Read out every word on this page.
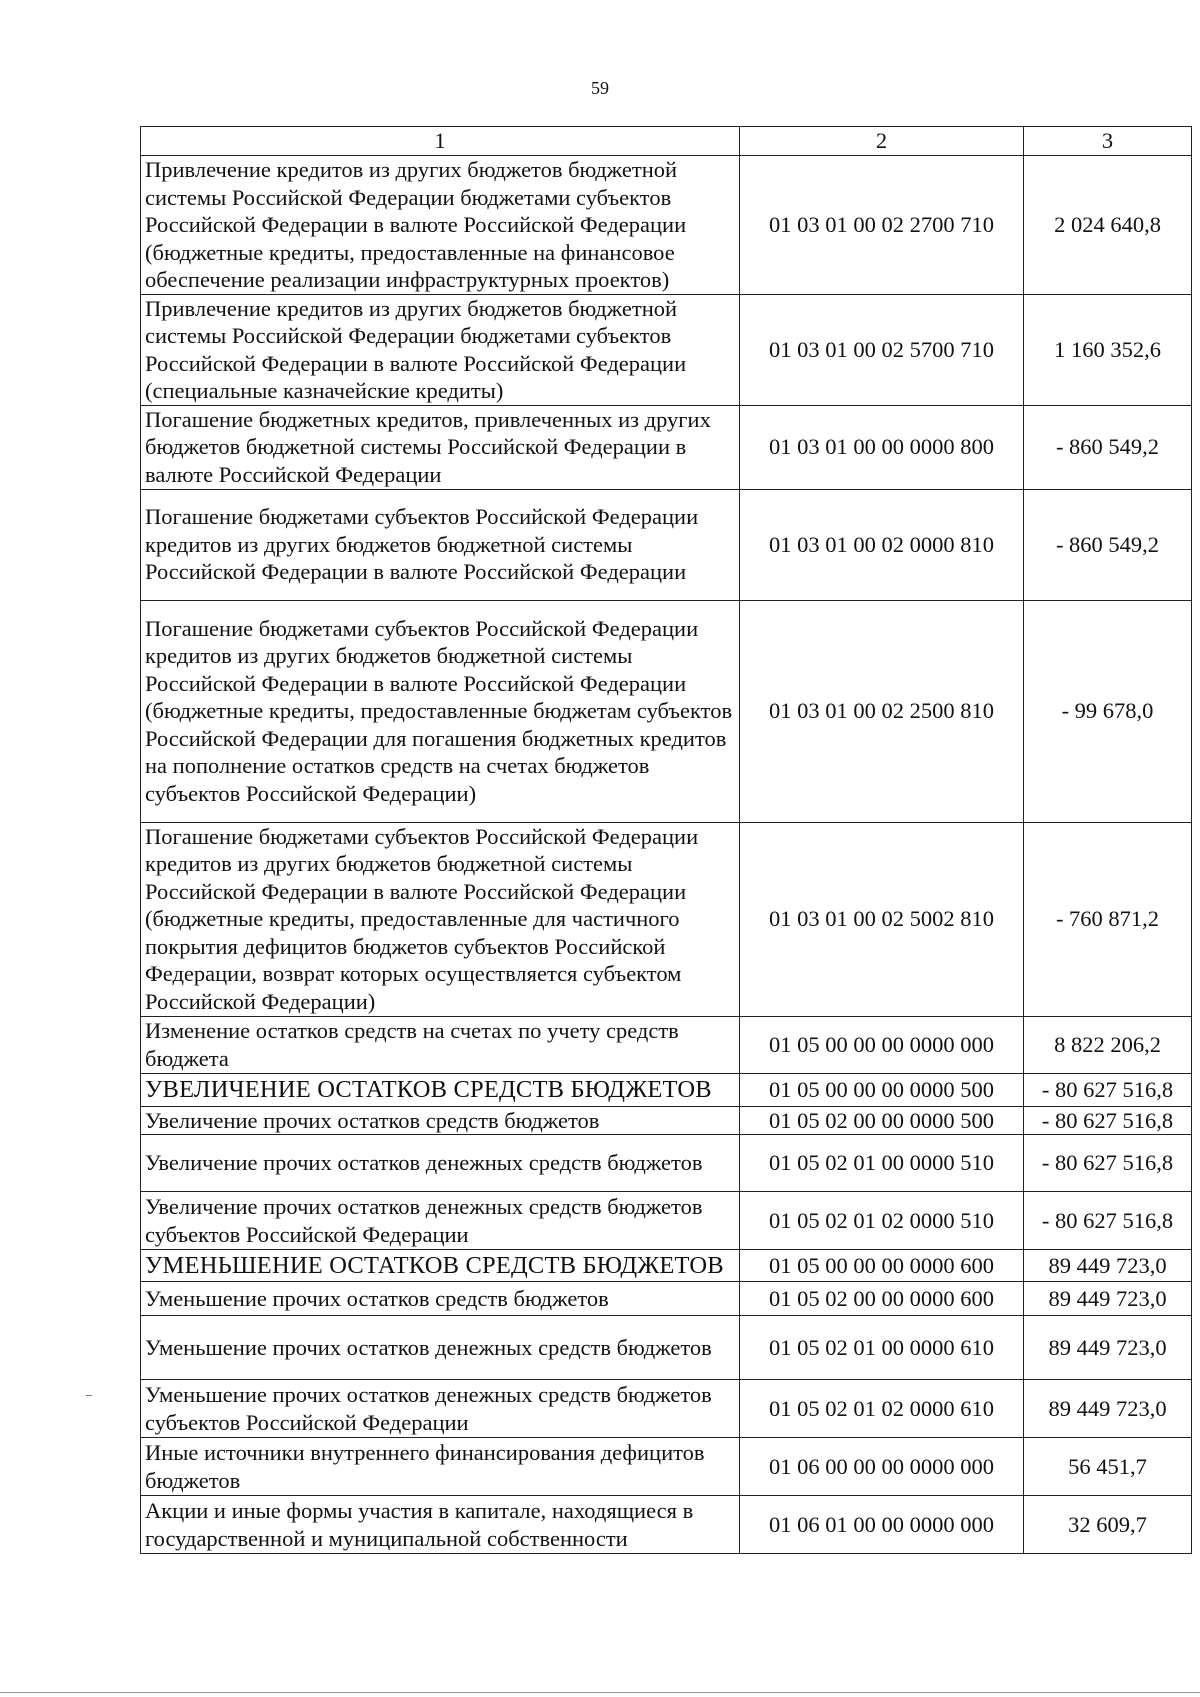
59
1	2	3
Привлечение кредитов из других бюджетов бюджетной системы Российской Федерации бюджетами субъектов Российской Федерации в валюте Российской Федерации (бюджетные кредиты, предоставленные на финансовое обеспечение реализации инфраструктурных проектов)	01 03 01 00 02 2700 710	2 024 640,8
Привлечение кредитов из других бюджетов бюджетной системы Российской Федерации бюджетами субъектов Российской Федерации в валюте Российской Федерации (специальные казначейские кредиты)	01 03 01 00 02 5700 710	1 160 352,6
Погашение бюджетных кредитов, привлеченных из других бюджетов бюджетной системы Российской Федерации в валюте Российской Федерации	01 03 01 00 00 0000 800	- 860 549,2
Погашение бюджетами субъектов Российской Федерации кредитов из других бюджетов бюджетной системы Российской Федерации в валюте Российской Федерации	01 03 01 00 02 0000 810	- 860 549,2
Погашение бюджетами субъектов Российской Федерации кредитов из других бюджетов бюджетной системы Российской Федерации в валюте Российской Федерации (бюджетные кредиты, предоставленные бюджетам субъектов Российской Федерации для погашения бюджетных кредитов на пополнение остатков средств на счетах бюджетов субъектов Российской Федерации)	01 03 01 00 02 2500 810	- 99 678,0
Погашение бюджетами субъектов Российской Федерации кредитов из других бюджетов бюджетной системы Российской Федерации в валюте Российской Федерации (бюджетные кредиты, предоставленные для частичного покрытия дефицитов бюджетов субъектов Российской Федерации, возврат которых осуществляется субъектом Российской Федерации)	01 03 01 00 02 5002 810	- 760 871,2
Изменение остатков средств на счетах по учету средств бюджета	01 05 00 00 00 0000 000	8 822 206,2
УВЕЛИЧЕНИЕ ОСТАТКОВ СРЕДСТВ БЮДЖЕТОВ	01 05 00 00 00 0000 500	- 80 627 516,8
Увеличение прочих остатков средств бюджетов	01 05 02 00 00 0000 500	- 80 627 516,8
Увеличение прочих остатков денежных средств бюджетов	01 05 02 01 00 0000 510	- 80 627 516,8
Увеличение прочих остатков денежных средств бюджетов субъектов Российской Федерации	01 05 02 01 02 0000 510	- 80 627 516,8
УМЕНЬШЕНИЕ ОСТАТКОВ СРЕДСТВ БЮДЖЕТОВ	01 05 00 00 00 0000 600	89 449 723,0
Уменьшение прочих остатков средств бюджетов	01 05 02 00 00 0000 600	89 449 723,0
Уменьшение прочих остатков денежных средств бюджетов	01 05 02 01 00 0000 610	89 449 723,0
Уменьшение прочих остатков денежных средств бюджетов субъектов Российской Федерации	01 05 02 01 02 0000 610	89 449 723,0
Иные источники внутреннего финансирования дефицитов бюджетов	01 06 00 00 00 0000 000	56 451,7
Акции и иные формы участия в капитале, находящиеся в государственной и муниципальной собственности	01 06 01 00 00 0000 000	32 609,7
